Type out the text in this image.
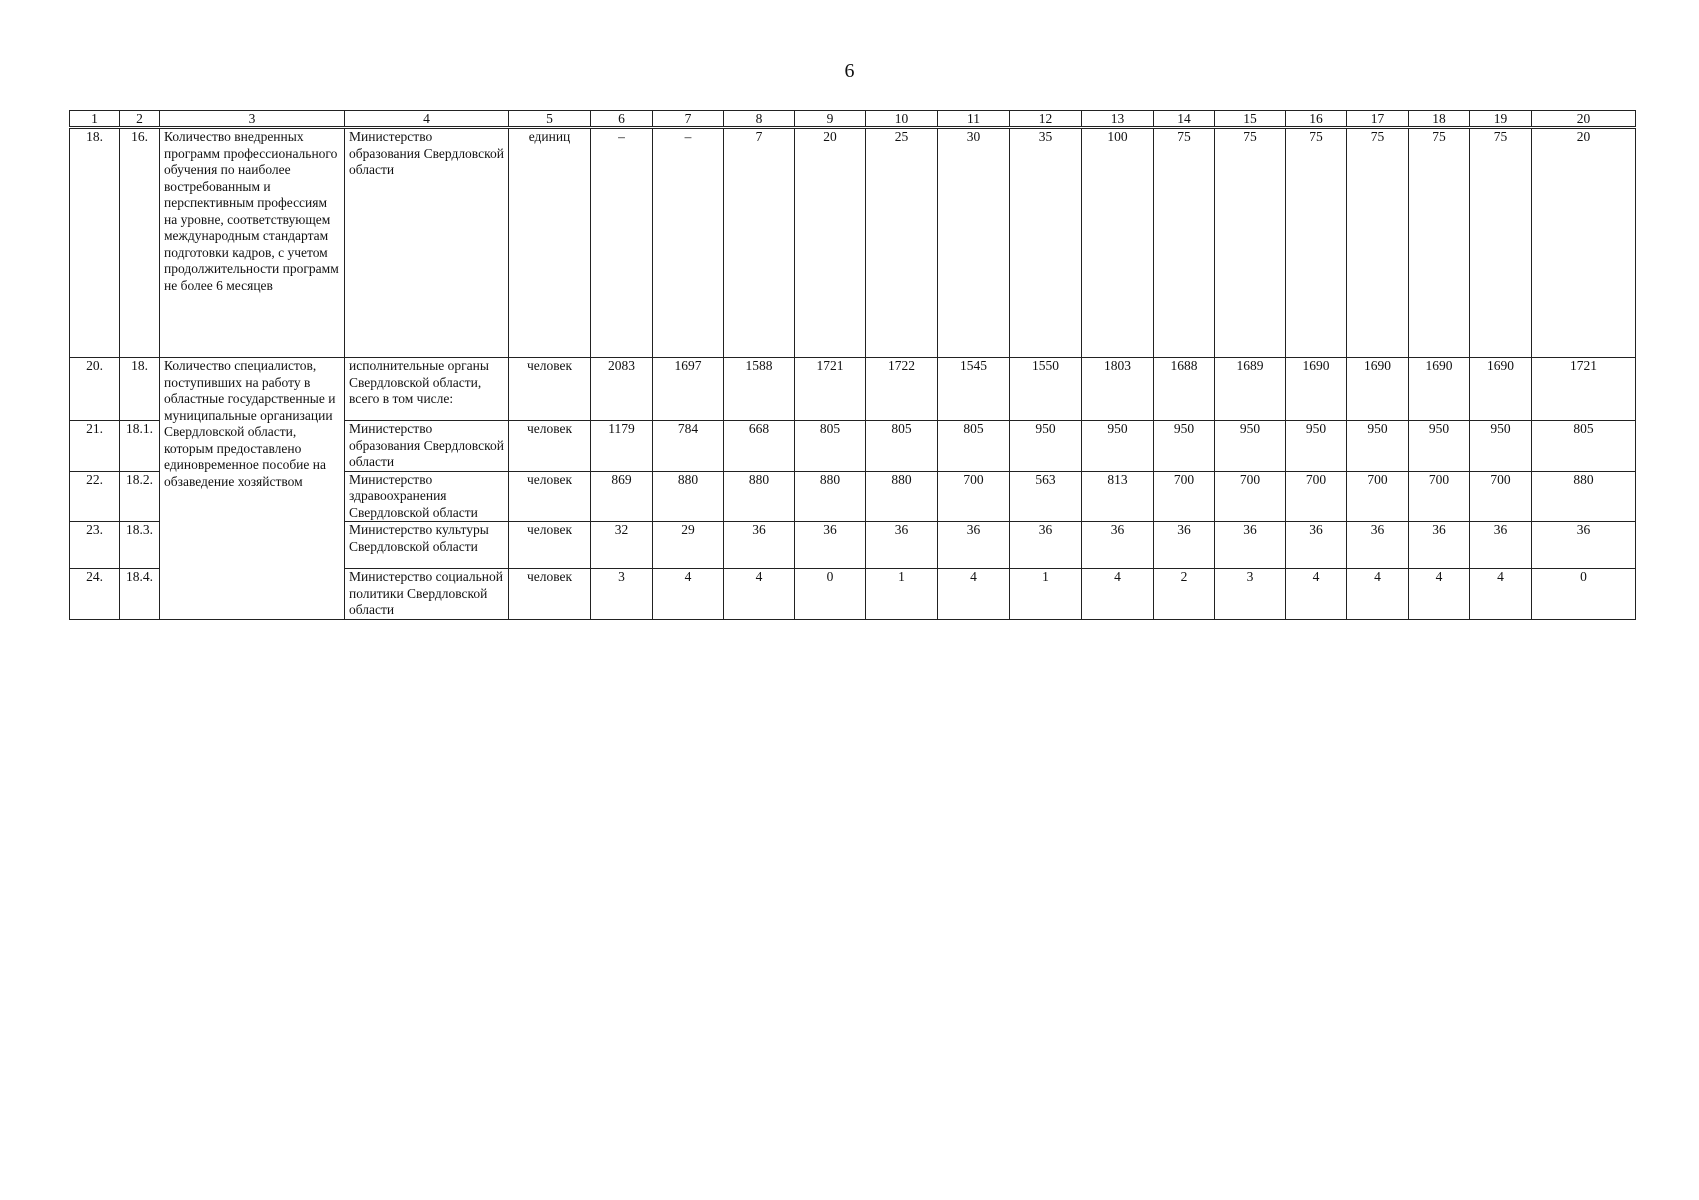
6
1	2	3	4	5	6	7	8	9	10	11	12	13	14	15	16	17	18	19	20
18.	16.	Количество внедренных программ профессионального обучения по наиболее востребованным и перспективным профессиям на уровне, соответствующем международным стандартам подготовки кадров, с учетом продолжительности программ не более 6 месяцев	Министерство образования Свердловской области	единиц	–	–	7	20	25	30	35	100	75	75	75	75	75	75	20
20.	18.	Количество специалистов, поступивших на работу в областные государственные и муниципальные организации Свердловской области, которым предоставлено единовременное пособие на обзаведение хозяйством	исполнительные органы Свердловской области, всего в том числе:	человек	2083	1697	1588	1721	1722	1545	1550	1803	1688	1689	1690	1690	1690	1690	1721
21.	18.1.		Министерство образования Свердловской области	человек	1179	784	668	805	805	805	950	950	950	950	950	950	950	950	805
22.	18.2.		Министерство здравоохранения Свердловской области	человек	869	880	880	880	880	700	563	813	700	700	700	700	700	700	880
23.	18.3.		Министерство культуры Свердловской области	человек	32	29	36	36	36	36	36	36	36	36	36	36	36	36	36
24.	18.4.		Министерство социальной политики Свердловской области	человек	3	4	4	0	1	4	1	4	2	3	4	4	4	4	0
